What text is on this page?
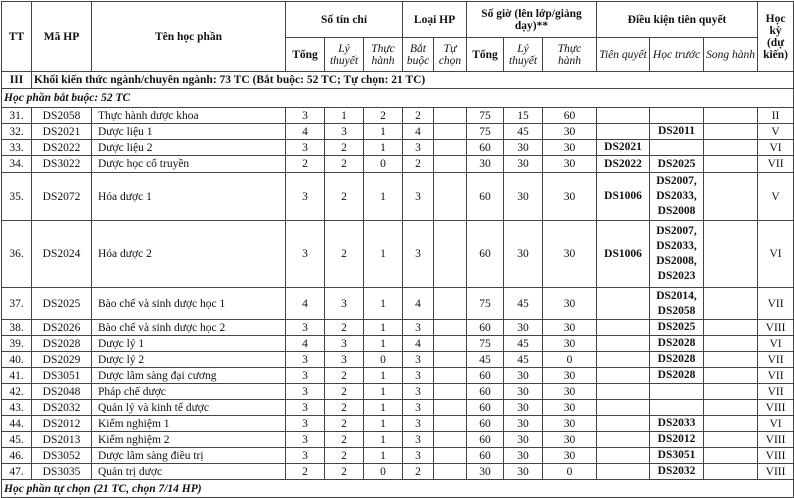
TT	Mã HP	Tên học phần	Số tín chỉ			Loại HP		Số giờ (lên lớp/giảng dạy)**			Điều kiện tiên quyết			Học kỳ (dự kiến)
			Tổng	Lý thuyết	Thực hành	Bắt buộc	Tự chọn	Tổng	Lý thuyết	Thực hành	Tiên quyết	Học trước	Song hành	
III	Khối kiến thức ngành/chuyên ngành: 73 TC (Bắt buộc: 52 TC; Tự chọn: 21 TC)													
Học phần bắt buộc: 52 TC														
31.	DS2058	Thực hành dược khoa	3	1	2	2		75	15	60				II
32.	DS2021	Dược liệu 1	4	3	1	4		75	45	30		DS2011		V
33.	DS2022	Dược liệu 2	3	2	1	3		60	30	30	DS2021			VI
34.	DS3022	Dược học cổ truyền	2	2	0	2		30	30	30	DS2022	DS2025		VII
35.	DS2072	Hóa dược 1	3	2	1	3		60	30	30	DS1006	DS2007,
DS2033,
DS2008		V
36.	DS2024	Hóa dược 2	3	2	1	3		60	30	30	DS1006	DS2007,
DS2033,
DS2008,
DS2023		VI
37.	DS2025	Bào chế và sinh dược học 1	4	3	1	4		75	45	30		DS2014,
DS2058		VII
38.	DS2026	Bào chế và sinh dược học 2	3	2	1	3		60	30	30		DS2025		VIII
39.	DS2028	Dược lý 1	4	3	1	4		75	45	30		DS2028		VI
40.	DS2029	Dược lý 2	3	3	0	3		45	45	0		DS2028		VII
41.	DS3051	Dược lâm sàng đại cương	3	2	1	3		60	30	30		DS2028		VII
42.	DS2048	Pháp chế dược	3	2	1	3		60	30	30				VII
43.	DS2032	Quản lý và kinh tế dược	3	2	1	3		60	30	30				VIII
44.	DS2012	Kiểm nghiệm 1	3	2	1	3		60	30	30		DS2033		VI
45.	DS2013	Kiểm nghiệm 2	3	2	1	3		60	30	30		DS2012		VIII
46.	DS3052	Dược lâm sàng điều trị	3	2	1	3		60	30	30		DS3051		VIII
47.	DS3035	Quản trị dược	2	2	0	2		30	30	0		DS2032		VIII
Học phần tự chọn (21 TC, chọn 7/14 HP)														
